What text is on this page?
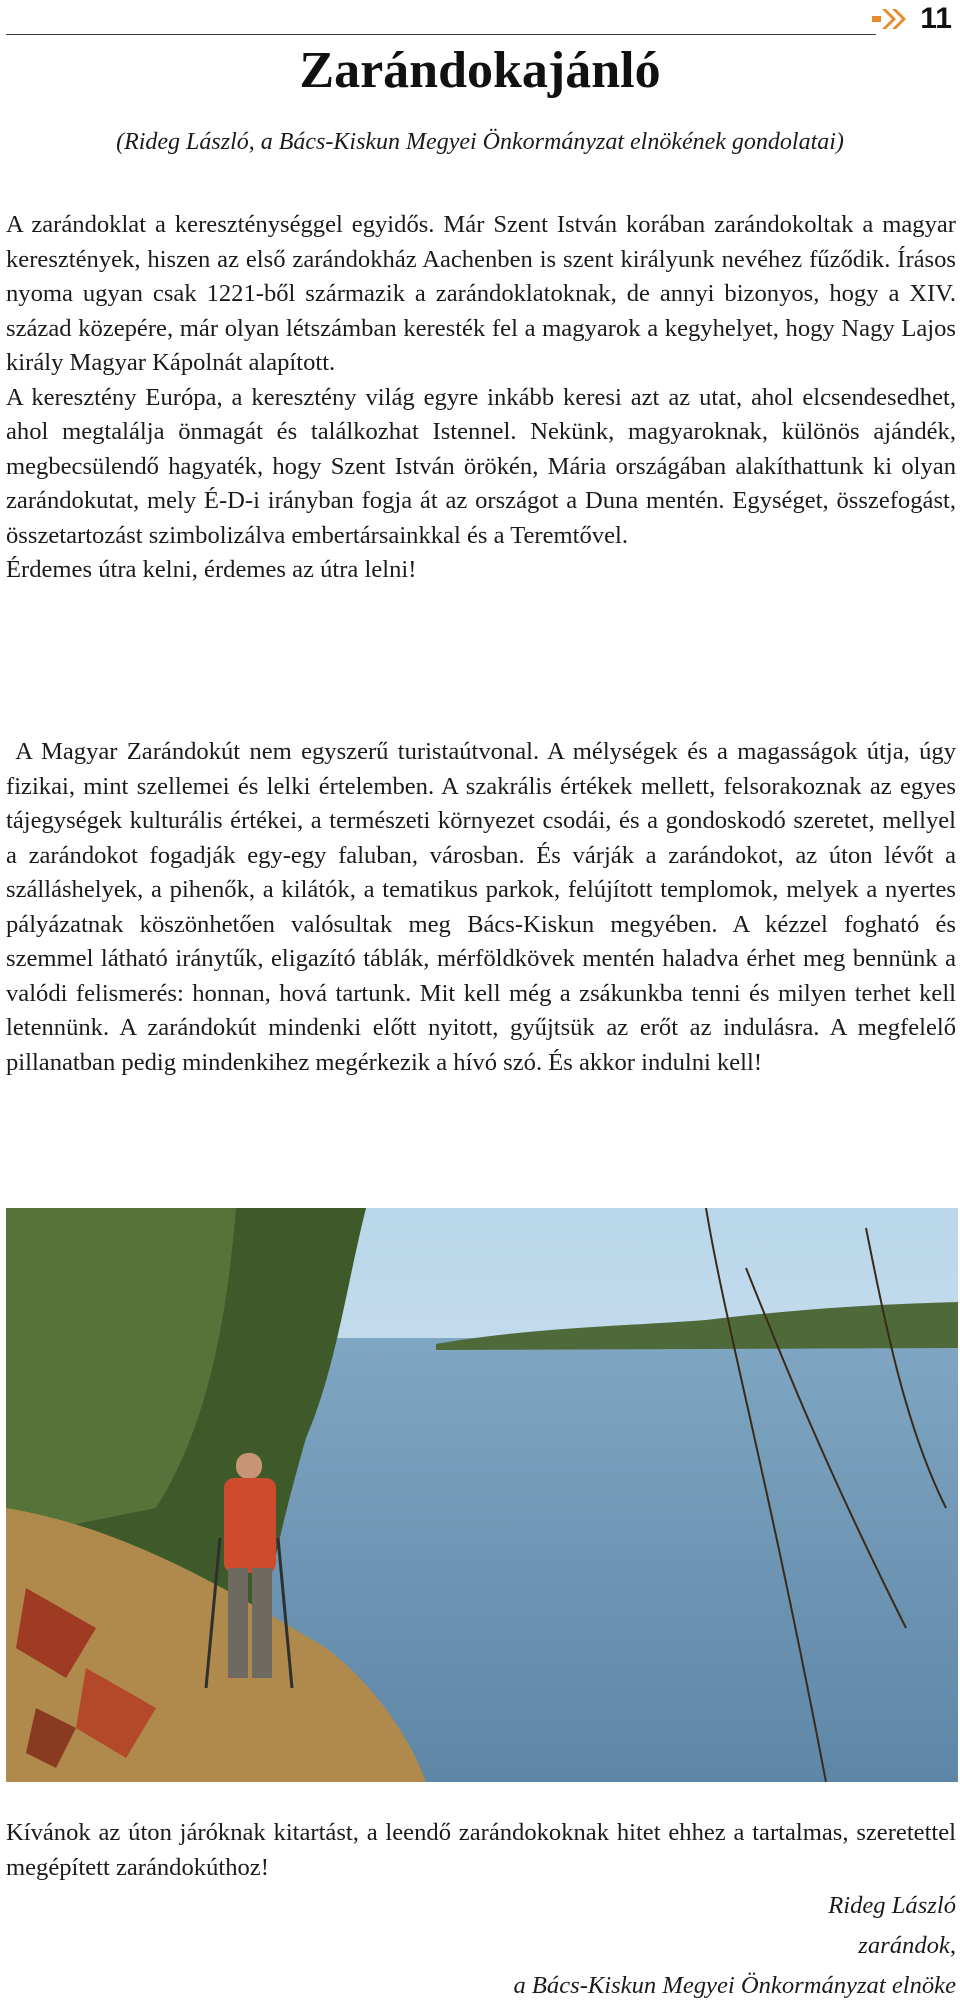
11
Zarándokajánló

(Rideg László, a Bács-Kiskun Megyei Önkormányzat elnökének gondolatai)

A zarándoklat a kereszténységgel egyidős. Már Szent István korában zarándokoltak a magyar keresztények, hiszen az első zarándokház Aachenben is szent királyunk nevéhez fűződik. Írásos nyoma ugyan csak 1221-ből származik a zarándoklatoknak, de annyi bizonyos, hogy a XIV. század közepére, már olyan létszámban keresték fel a magyarok a kegyhelyet, hogy Nagy Lajos király Magyar Kápolnát alapított.

A keresztény Európa, a keresztény világ egyre inkább keresi azt az utat, ahol elcsendesedhet, ahol megtalálja önmagát és találkozhat Istennel. Nekünk, magyaroknak, különös ajándék, megbecsülendő hagyaték, hogy Szent István örökén, Mária országában alakíthattunk ki olyan zarándokutat, mely É-D-i irányban fogja át az országot a Duna mentén. Egységet, összefogást, összetartozást szimbolizálva embertársainkkal és a Teremtővel.

Érdemes útra kelni, érdemes az útra lelni!

A Magyar Zarándokút nem egyszerű turistaútvonal. A mélységek és a magasságok útja, úgy fizikai, mint szellemei és lelki értelemben. A szakrális értékek mellett, felsorakoznak az egyes tájegységek kulturális értékei, a természeti környezet csodái, és a gondoskodó szeretet, mellyel a zarándokot fogadják egy-egy faluban, városban. És várják a zarándokot, az úton lévőt a szálláshelyek, a pihenők, a kilátók, a tematikus parkok, felújított templomok, melyek a nyertes pályázatnak köszönhetően valósultak meg Bács-Kiskun megyében. A kézzel fogható és szemmel látható iránytűk, eligazító táblák, mérföldkövek mentén haladva érhet meg bennünk a valódi felismerés: honnan, hová tartunk. Mit kell még a zsákunkba tenni és milyen terhet kell letennünk. A zarándokút mindenki előtt nyitott, gyűjtsük az erőt az indulásra. A megfelelő pillanatban pedig mindenkihez megérkezik a hívó szó. És akkor indulni kell!

Kívánok az úton járóknak kitartást, a leendő zarándokoknak hitet ehhez a tartalmas, szeretettel megépített zarándokúthoz!
Rideg László
zarándok,
a Bács-Kiskun Megyei Önkormányzat elnöke
